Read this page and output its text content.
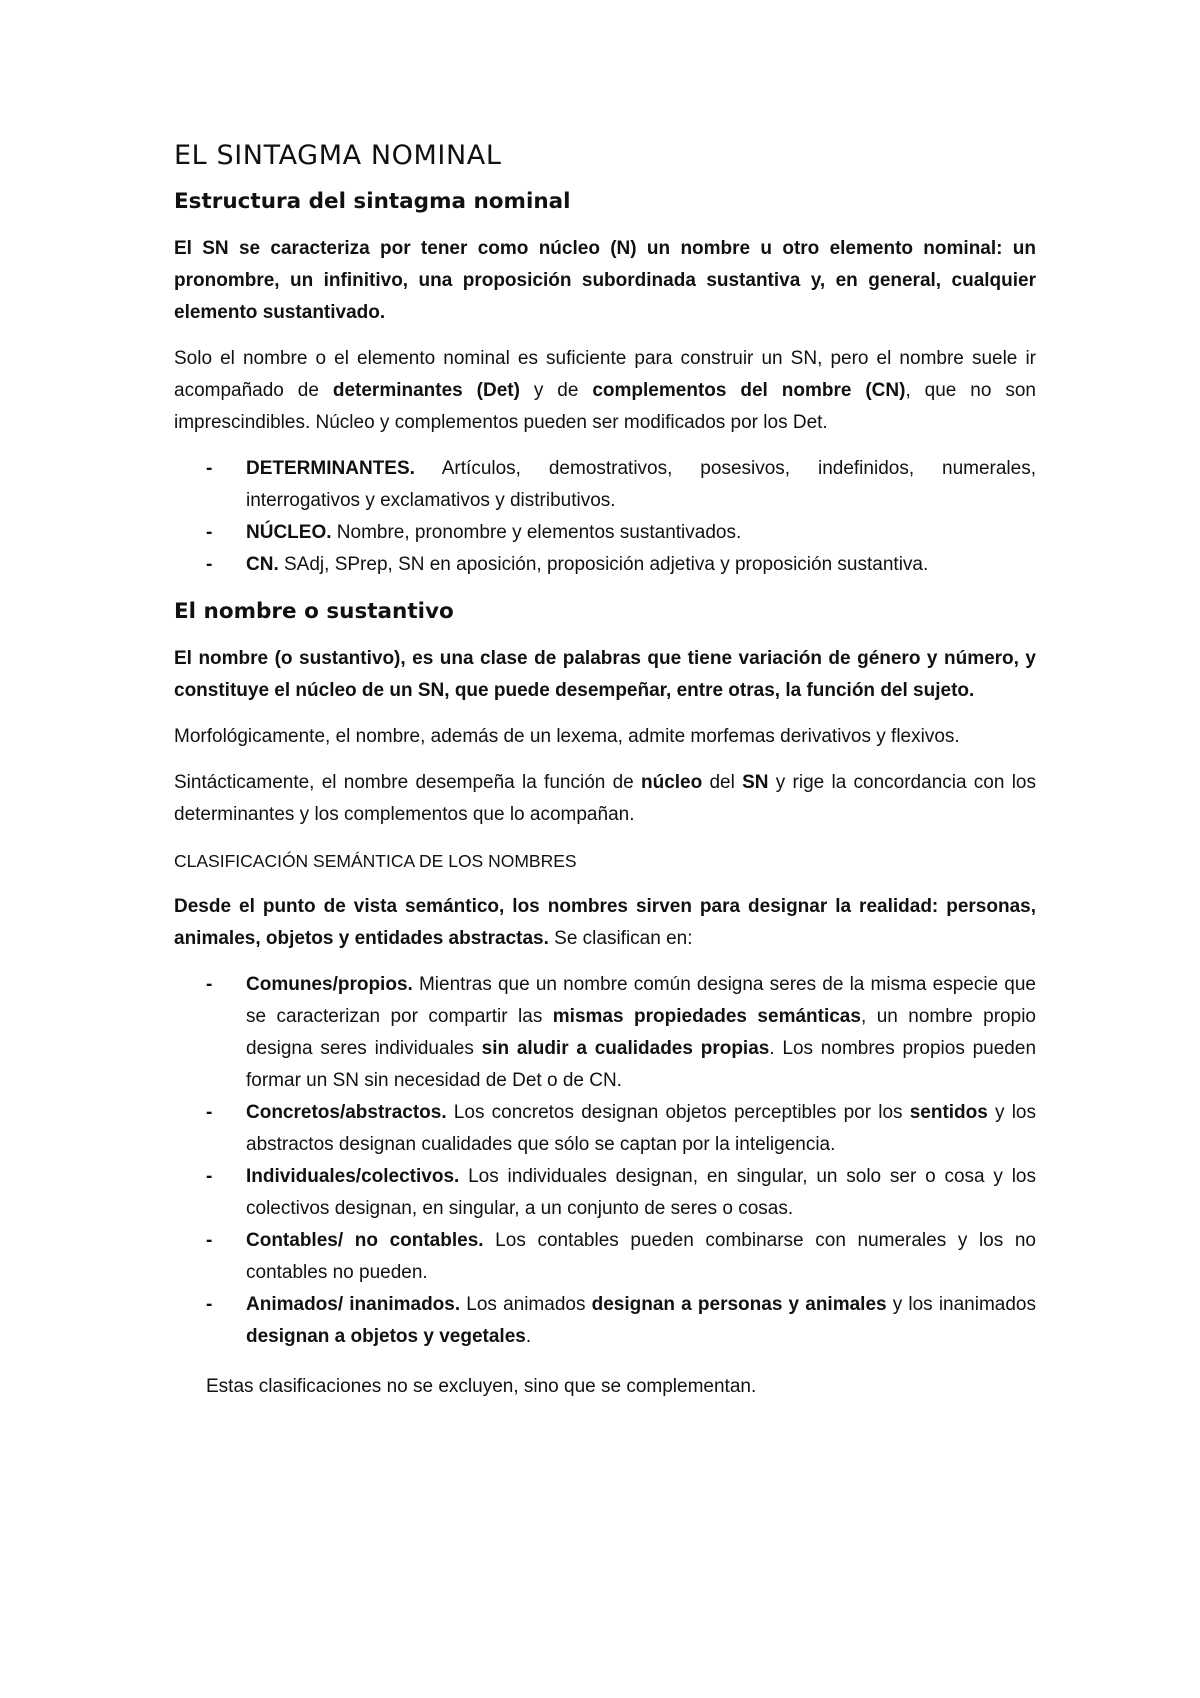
EL SINTAGMA NOMINAL
Estructura del sintagma nominal

El SN se caracteriza por tener como núcleo (N) un nombre u otro elemento nominal: un pronombre, un infinitivo, una proposición subordinada sustantiva y, en general, cualquier elemento sustantivado.

Solo el nombre o el elemento nominal es suficiente para construir un SN, pero el nombre suele ir acompañado de determinantes (Det) y de complementos del nombre (CN), que no son imprescindibles. Núcleo y complementos pueden ser modificados por los Det.

- DETERMINANTES. Artículos, demostrativos, posesivos, indefinidos, numerales, interrogativos y exclamativos y distributivos.
- NÚCLEO. Nombre, pronombre y elementos sustantivados.
- CN. SAdj, SPrep, SN en aposición, proposición adjetiva y proposición sustantiva.
El nombre o sustantivo

El nombre (o sustantivo), es una clase de palabras que tiene variación de género y número, y constituye el núcleo de un SN, que puede desempeñar, entre otras, la función del sujeto.

Morfológicamente, el nombre, además de un lexema, admite morfemas derivativos y flexivos.

Sintácticamente, el nombre desempeña la función de núcleo del SN y rige la concordancia con los determinantes y los complementos que lo acompañan.

CLASIFICACIÓN SEMÁNTICA DE LOS NOMBRES

Desde el punto de vista semántico, los nombres sirven para designar la realidad: personas, animales, objetos y entidades abstractas. Se clasifican en:

- Comunes/propios. Mientras que un nombre común designa seres de la misma especie que se caracterizan por compartir las mismas propiedades semánticas, un nombre propio designa seres individuales sin aludir a cualidades propias. Los nombres propios pueden formar un SN sin necesidad de Det o de CN.
- Concretos/abstractos. Los concretos designan objetos perceptibles por los sentidos y los abstractos designan cualidades que sólo se captan por la inteligencia.
- Individuales/colectivos. Los individuales designan, en singular, un solo ser o cosa y los colectivos designan, en singular, a un conjunto de seres o cosas.
- Contables/ no contables. Los contables pueden combinarse con numerales y los no contables no pueden.
- Animados/ inanimados. Los animados designan a personas y animales y los inanimados designan a objetos y vegetales.

Estas clasificaciones no se excluyen, sino que se complementan.
